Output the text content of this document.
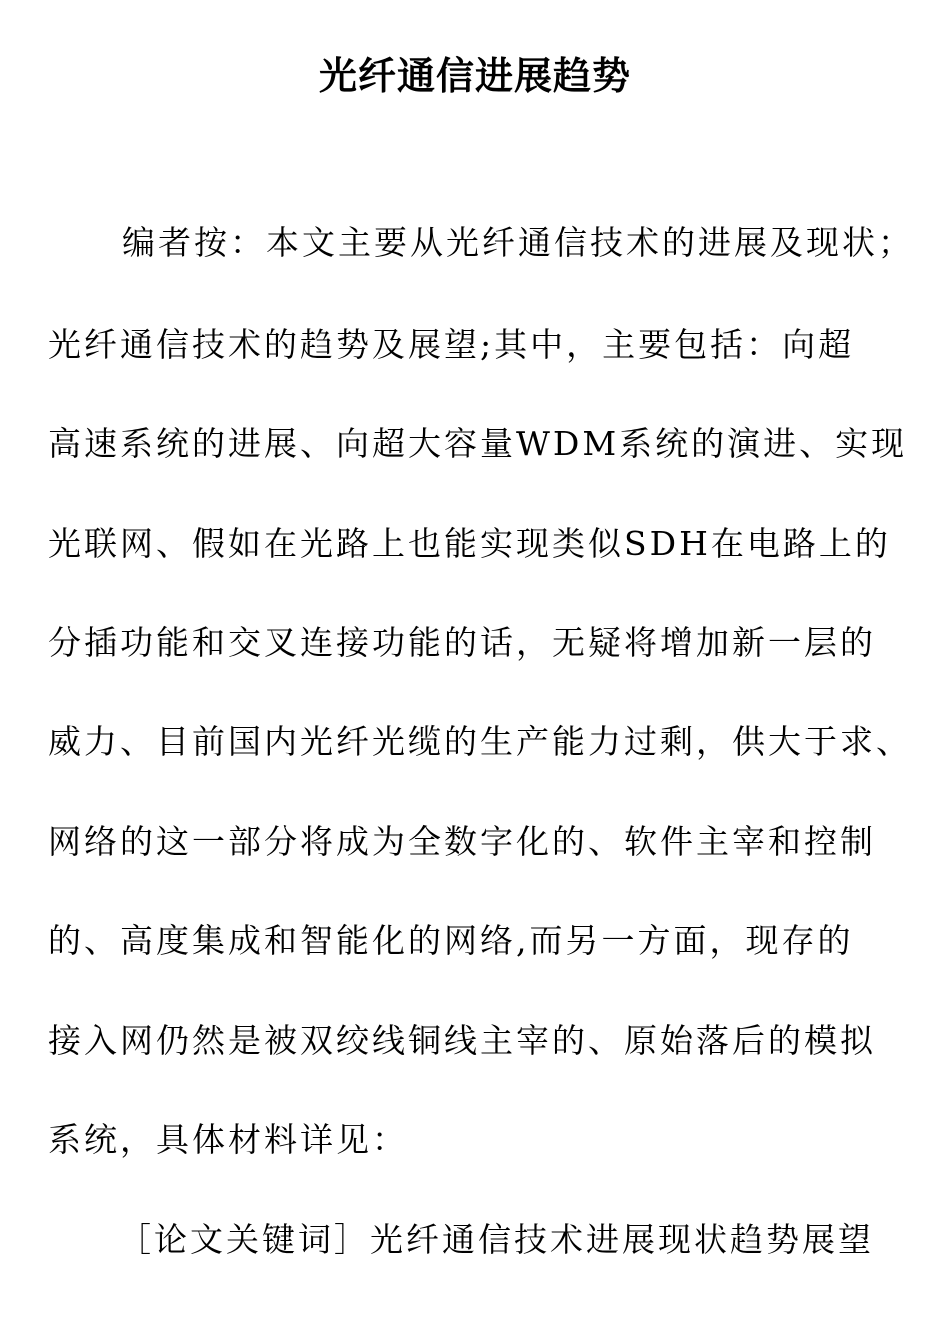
光纤通信进展趋势
编者按：本文主要从光纤通信技术的进展及现状；
光纤通信技术的趋势及展望;其中，主要包括：向超
高速系统的进展、向超大容量WDM系统的演进、实现
光联网、假如在光路上也能实现类似SDH在电路上的
分插功能和交叉连接功能的话，无疑将增加新一层的
威力、目前国内光纤光缆的生产能力过剩，供大于求、
网络的这一部分将成为全数字化的、软件主宰和控制
的、高度集成和智能化的网络,而另一方面，现存的
接入网仍然是被双绞线铜线主宰的、原始落后的模拟
系统，具体材料详见：
［论文关键词］光纤通信技术进展现状趋势展望
